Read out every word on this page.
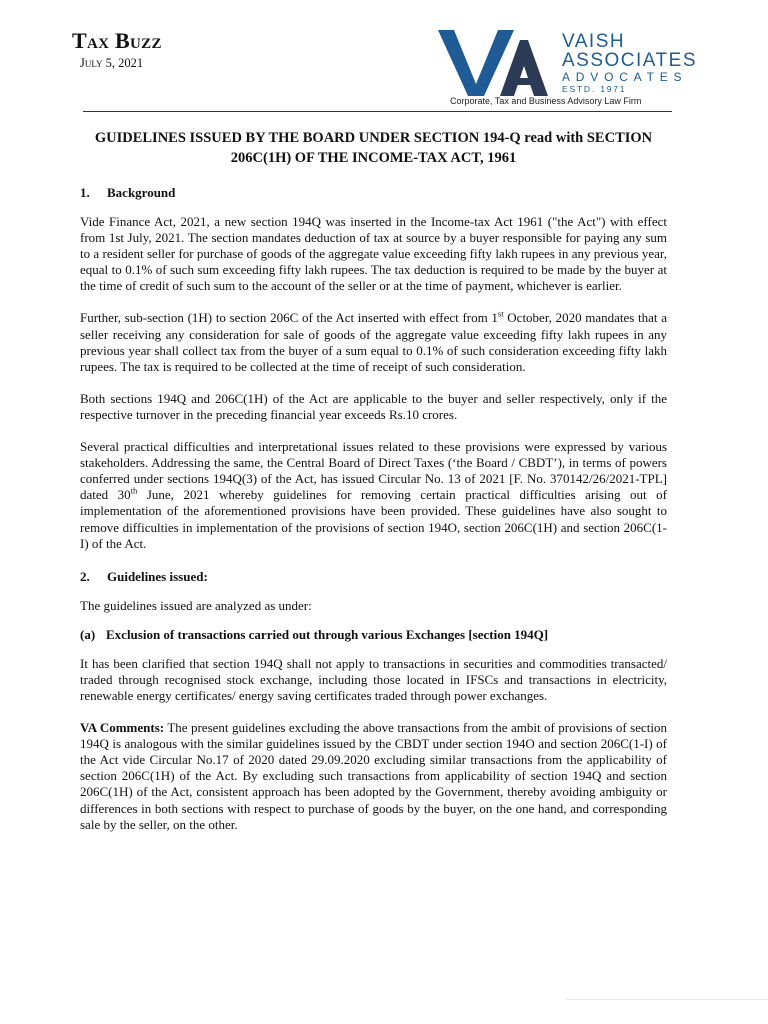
Tax Buzz
July 5, 2021
VAISH
ASSOCIATES
ADVOCATES
ESTD. 1971
Corporate, Tax and Business Advisory Law Firm
GUIDELINES ISSUED BY THE BOARD UNDER SECTION 194-Q read with SECTION 206C(1H) OF THE INCOME-TAX ACT, 1961
1. Background

Vide Finance Act, 2021, a new section 194Q was inserted in the Income-tax Act 1961 ("the Act") with effect from 1st July, 2021. The section mandates deduction of tax at source by a buyer responsible for paying any sum to a resident seller for purchase of goods of the aggregate value exceeding fifty lakh rupees in any previous year, equal to 0.1% of such sum exceeding fifty lakh rupees. The tax deduction is required to be made by the buyer at the time of credit of such sum to the account of the seller or at the time of payment, whichever is earlier.

Further, sub-section (1H) to section 206C of the Act inserted with effect from 1st October, 2020 mandates that a seller receiving any consideration for sale of goods of the aggregate value exceeding fifty lakh rupees in any previous year shall collect tax from the buyer of a sum equal to 0.1% of such consideration exceeding fifty lakh rupees. The tax is required to be collected at the time of receipt of such consideration.

Both sections 194Q and 206C(1H) of the Act are applicable to the buyer and seller respectively, only if the respective turnover in the preceding financial year exceeds Rs.10 crores.

Several practical difficulties and interpretational issues related to these provisions were expressed by various stakeholders. Addressing the same, the Central Board of Direct Taxes (‘the Board / CBDT’), in terms of powers conferred under sections 194Q(3) of the Act, has issued Circular No. 13 of 2021 [F. No. 370142/26/2021-TPL] dated 30th June, 2021 whereby guidelines for removing certain practical difficulties arising out of implementation of the aforementioned provisions have been provided. These guidelines have also sought to remove difficulties in implementation of the provisions of section 194O, section 206C(1H) and section 206C(1-I) of the Act.

2. Guidelines issued:

The guidelines issued are analyzed as under:

(a) Exclusion of transactions carried out through various Exchanges [section 194Q]

It has been clarified that section 194Q shall not apply to transactions in securities and commodities transacted/ traded through recognised stock exchange, including those located in IFSCs and transactions in electricity, renewable energy certificates/ energy saving certificates traded through power exchanges.

VA Comments: The present guidelines excluding the above transactions from the ambit of provisions of section 194Q is analogous with the similar guidelines issued by the CBDT under section 194O and section 206C(1-I) of the Act vide Circular No.17 of 2020 dated 29.09.2020 excluding similar transactions from the applicability of section 206C(1H) of the Act. By excluding such transactions from applicability of section 194Q and section 206C(1H) of the Act, consistent approach has been adopted by the Government, thereby avoiding ambiguity or differences in both sections with respect to purchase of goods by the buyer, on the one hand, and corresponding sale by the seller, on the other.
